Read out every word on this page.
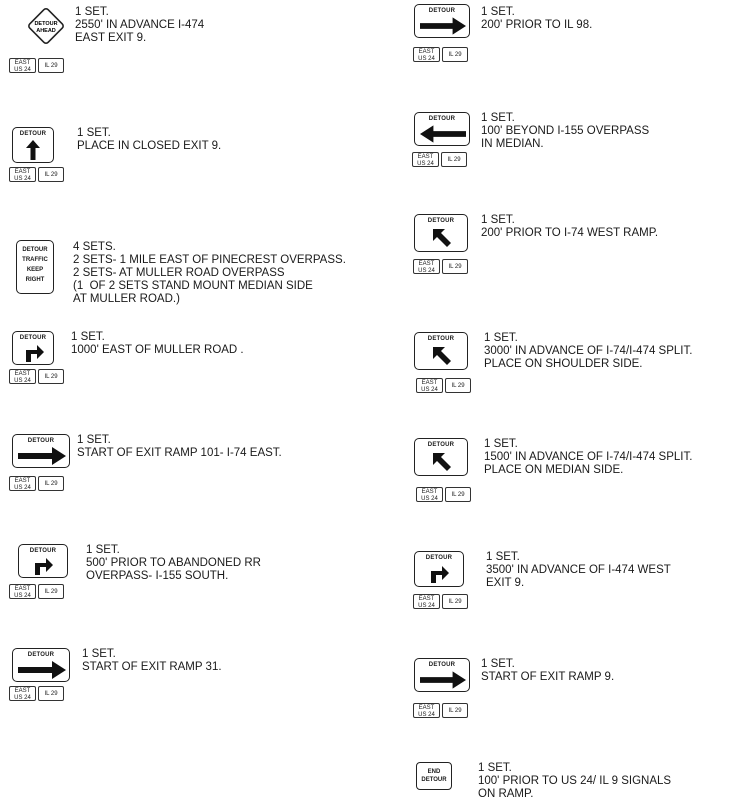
DETOUR
AHEAD
EAST
US 24
IL 29
1 SET.
2550' IN ADVANCE I-474
EAST EXIT 9.
DETOUR
EAST
US 24
IL 29
1 SET.
PLACE IN CLOSED EXIT 9.
DETOUR
TRAFFIC
KEEP
RIGHT
4 SETS.
2 SETS- 1 MILE EAST OF PINECREST OVERPASS.
2 SETS- AT MULLER ROAD OVERPASS
(1  OF 2 SETS STAND MOUNT MEDIAN SIDE
AT MULLER ROAD.)
DETOUR
EAST
US 24
IL 29
1 SET.
1000' EAST OF MULLER ROAD .
DETOUR
EAST
US 24
IL 29
1 SET.
START OF EXIT RAMP 101- I-74 EAST.
DETOUR
EAST
US 24
IL 29
1 SET.
500' PRIOR TO ABANDONED RR
OVERPASS- I-155 SOUTH.
DETOUR
EAST
US 24
IL 29
1 SET.
START OF EXIT RAMP 31.
DETOUR
EAST
US 24
IL 29
1 SET.
200' PRIOR TO IL 98.
DETOUR
EAST
US 24
IL 29
1 SET.
100' BEYOND I-155 OVERPASS
IN MEDIAN.
DETOUR
EAST
US 24
IL 29
1 SET.
200' PRIOR TO I-74 WEST RAMP.
DETOUR
EAST
US 24
IL 29
1 SET.
3000' IN ADVANCE OF I-74/I-474 SPLIT.
PLACE ON SHOULDER SIDE.
DETOUR
EAST
US 24
IL 29
1 SET.
1500' IN ADVANCE OF I-74/I-474 SPLIT.
PLACE ON MEDIAN SIDE.
DETOUR
EAST
US 24
IL 29
1 SET.
3500' IN ADVANCE OF I-474 WEST
EXIT 9.
DETOUR
EAST
US 24
IL 29
1 SET.
START OF EXIT RAMP 9.
END
DETOUR
1 SET.
100' PRIOR TO US 24/ IL 9 SIGNALS
ON RAMP.
